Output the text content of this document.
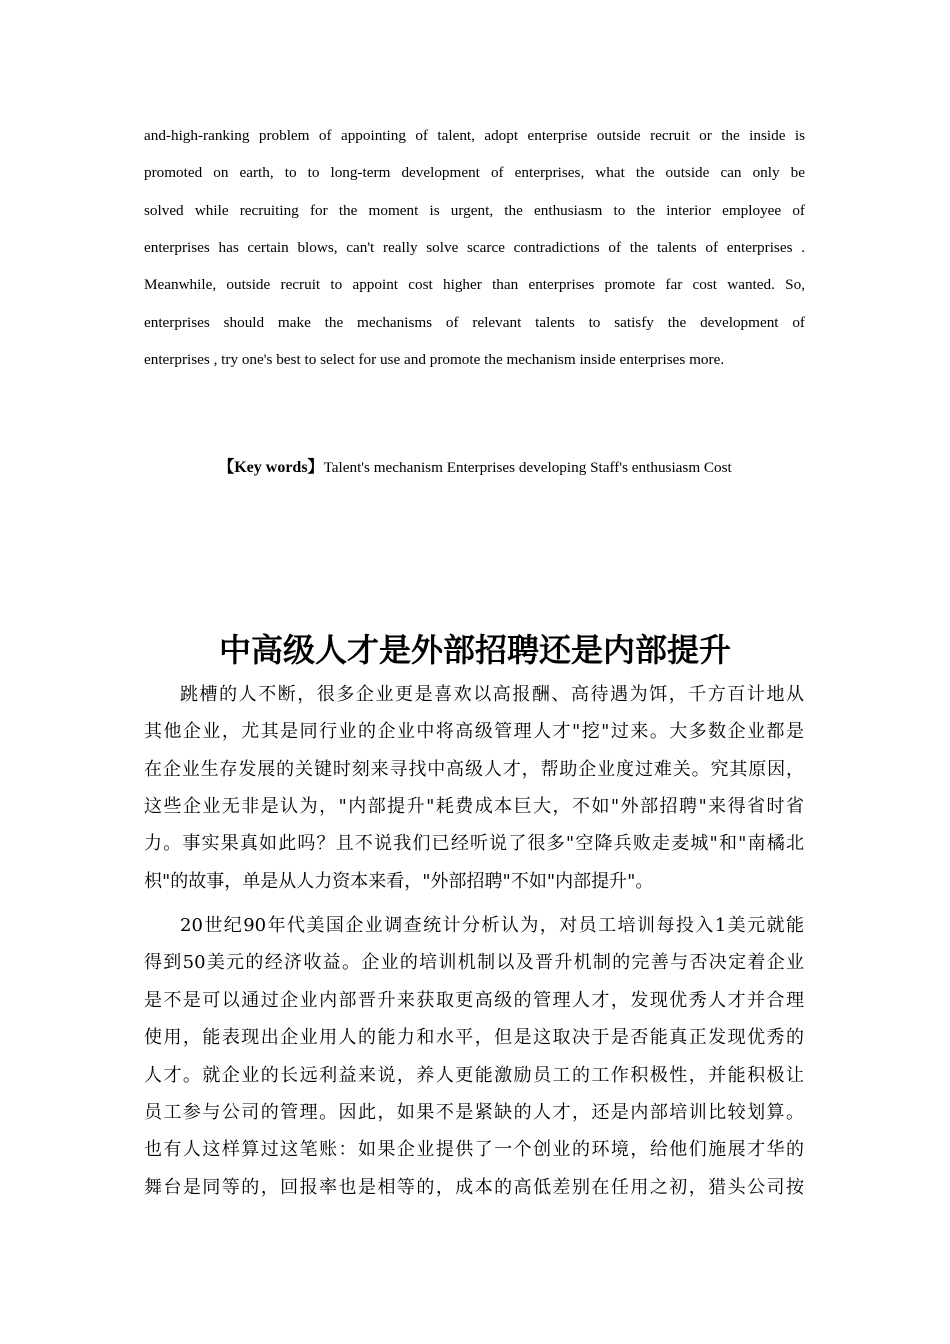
and-high-ranking problem of appointing of talent, adopt enterprise outside recruit or the inside is
promoted on earth, to to long-term development of enterprises, what the outside can only be
solved while recruiting for the moment is urgent, the enthusiasm to the interior employee of
enterprises has certain blows, can't really solve scarce contradictions of the talents of enterprises .
Meanwhile, outside recruit to appoint cost higher than enterprises promote far cost wanted. So,
enterprises should make the mechanisms of relevant talents to satisfy the development of
enterprises , try one's best to select for use and promote the mechanism inside enterprises more.
【Key words】Talent's mechanism Enterprises developing Staff's enthusiasm Cost
中高级人才是外部招聘还是内部提升
跳槽的人不断，很多企业更是喜欢以高报酬、高待遇为饵，千方百计地从
其他企业，尤其是同行业的企业中将高级管理人才"挖"过来。大多数企业都是
在企业生存发展的关键时刻来寻找中高级人才，帮助企业度过难关。究其原因，
这些企业无非是认为，"内部提升"耗费成本巨大，不如"外部招聘"来得省时省
力。事实果真如此吗？且不说我们已经听说了很多"空降兵败走麦城"和"南橘北
枳"的故事，单是从人力资本来看，"外部招聘"不如"内部提升"。
20世纪90年代美国企业调查统计分析认为，对员工培训每投入1美元就能
得到50美元的经济收益。企业的培训机制以及晋升机制的完善与否决定着企业
是不是可以通过企业内部晋升来获取更高级的管理人才，发现优秀人才并合理
使用，能表现出企业用人的能力和水平，但是这取决于是否能真正发现优秀的
人才。就企业的长远利益来说，养人更能激励员工的工作积极性，并能积极让
员工参与公司的管理。因此，如果不是紧缺的人才，还是内部培训比较划算。
也有人这样算过这笔账：如果企业提供了一个创业的环境，给他们施展才华的
舞台是同等的，回报率也是相等的，成本的高低差别在任用之初，猎头公司按
